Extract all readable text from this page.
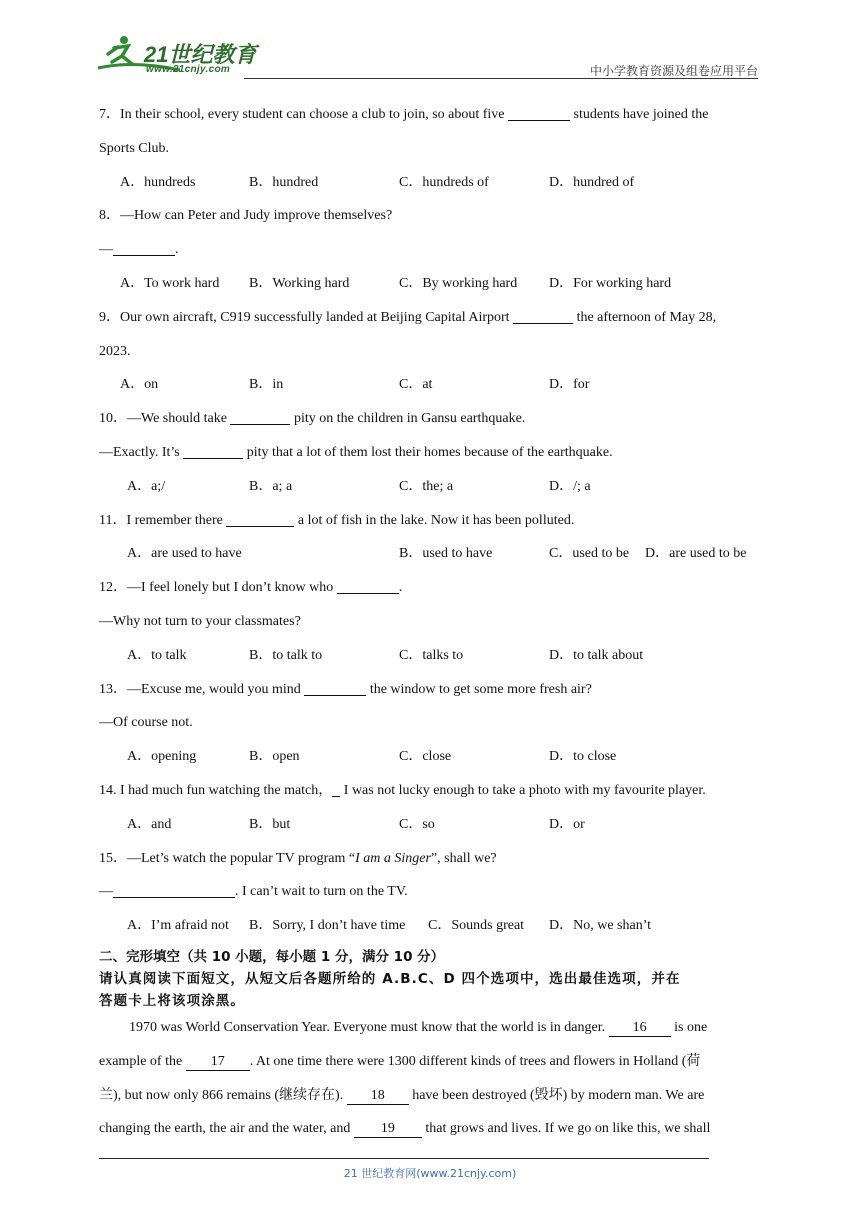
21世纪教育
www.21cnjy.com	中小学教育资源及组卷应用平台
7．In their school, every student can choose a club to join, so about five	students have joined the
Sports Club.
A．hundreds	B．hundred	C．hundreds of	D．hundred of
8．—How can Peter and Judy improve themselves?
—	.
A．To work hard B．Working hard	C．By working hard D．For working hard
9．Our own aircraft, C919 successfully landed at Beijing Capital Airport	the afternoon of May 28,
2023.
A．on	B．in	C．at	D．for
10．—We should take	pity on the children in Gansu earthquake.
—Exactly. It’s	pity that a lot of them lost their homes because of the earthquake.
A．a;/	B．a; a	C．the; a	D．/; a
11．I remember there	a lot of fish in the lake. Now it has been polluted.
A．are used to have	B．used to have	C．used to be D．are used to be
12．—I feel lonely but I don’t know who	.
—Why not turn to your classmates?
A．to talk	B．to talk to	C．talks to	D．to talk about
13．—Excuse me, would you mind	the window to get some more fresh air?
—Of course not.
A．opening	B．open	C．close	D．to close
14. I had much fun watching the match， I was not lucky enough to take a photo with my favourite player.
A．and	B．but	C．so	D．or
15．—Let’s watch the popular TV program “I am a Singer”, shall we?
—	. I can’t wait to turn on the TV.
A．I’m afraid not B．Sorry, I don’t have time C．Sounds great D．No, we shan’t
二、完形填空（共 10 小题，每小题 1 分，满分 10 分）
请认真阅读下面短文，从短文后各题所给的 A.B.C、D 四个选项中，选出最佳选项，并在
答题卡上将该项涂黑。
1970 was World Conservation Year. Everyone must know that the world is in danger. 16 is one
example of the 17 . At one time there were 1300 different kinds of trees and flowers in Holland (荷
兰), but now only 866 remains (继续存在). 18 have been destroyed (毁坏) by modern man. We are
changing the earth, the air and the water, and 19 that grows and lives. If we go on like this, we shall
21 世纪教育网(www.21cnjy.com)
